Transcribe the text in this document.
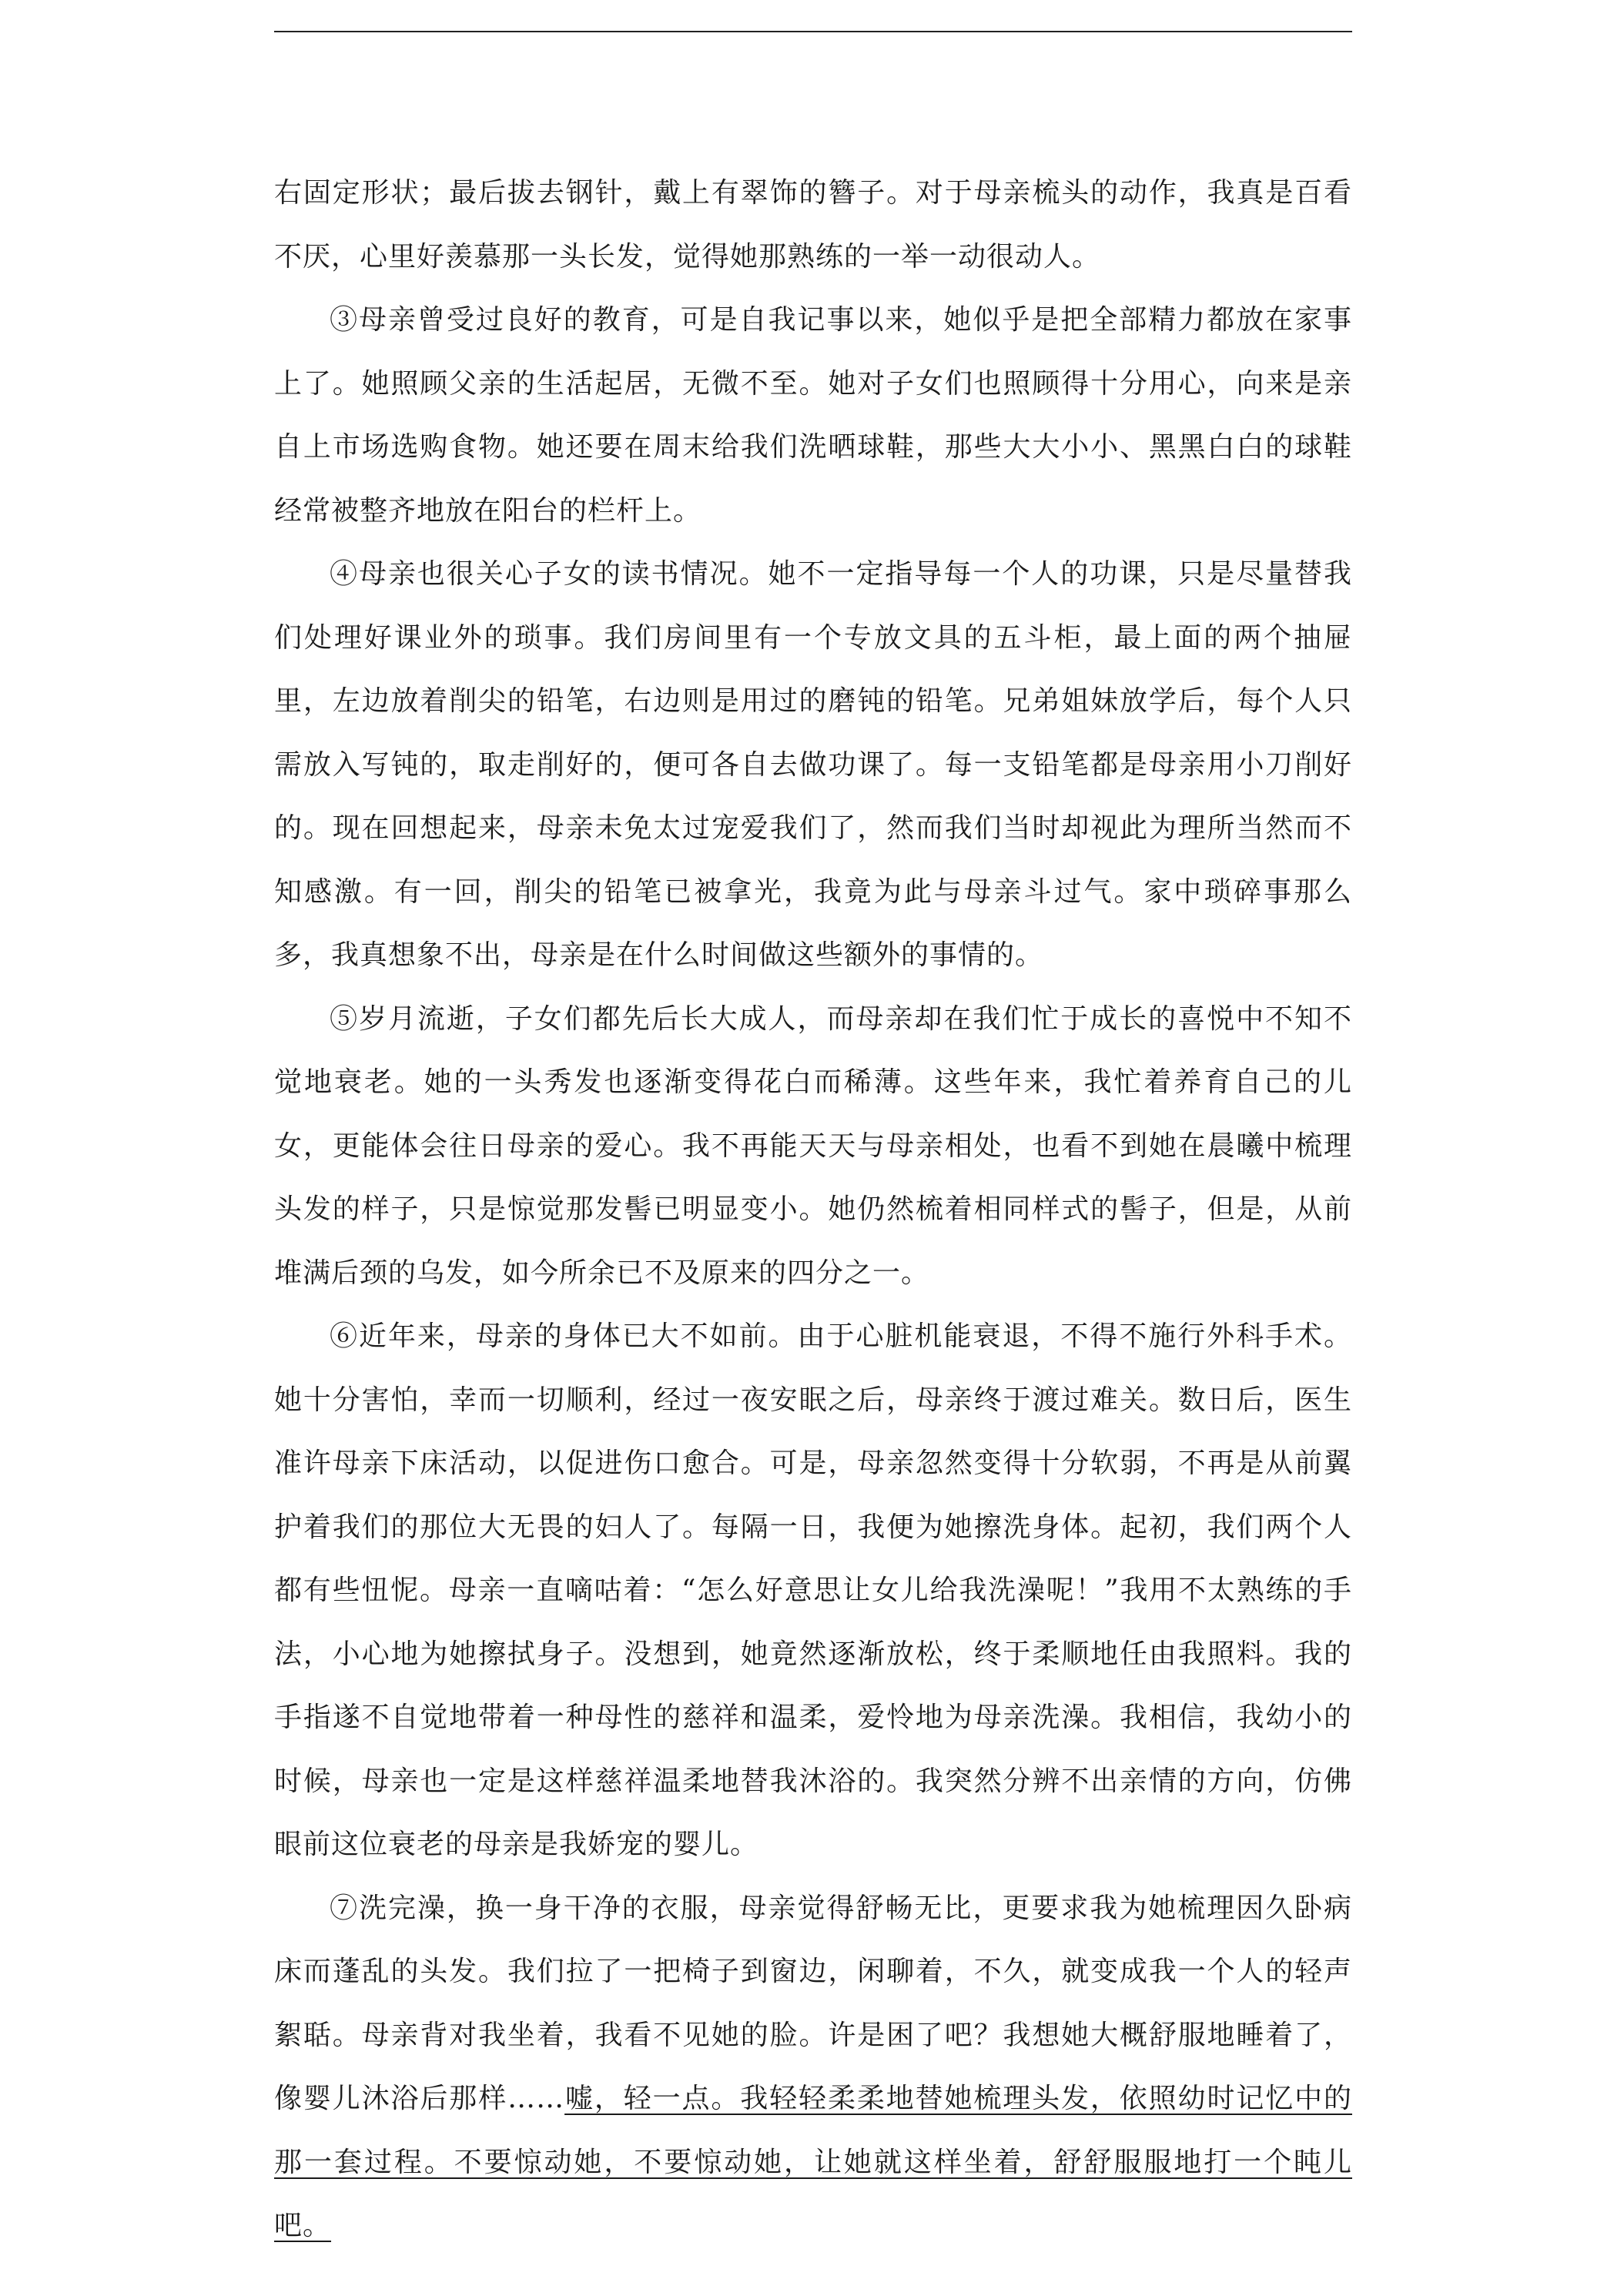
右固定形状；最后拔去钢针，戴上有翠饰的簪子。对于母亲梳头的动作，我真是百看不厌，心里好羡慕那一头长发，觉得她那熟练的一举一动很动人。

③母亲曾受过良好的教育，可是自我记事以来，她似乎是把全部精力都放在家事上了。她照顾父亲的生活起居，无微不至。她对子女们也照顾得十分用心，向来是亲自上市场选购食物。她还要在周末给我们洗晒球鞋，那些大大小小、黑黑白白的球鞋经常被整齐地放在阳台的栏杆上。

④母亲也很关心子女的读书情况。她不一定指导每一个人的功课，只是尽量替我们处理好课业外的琐事。我们房间里有一个专放文具的五斗柜，最上面的两个抽屉里，左边放着削尖的铅笔，右边则是用过的磨钝的铅笔。兄弟姐妹放学后，每个人只需放入写钝的，取走削好的，便可各自去做功课了。每一支铅笔都是母亲用小刀削好的。现在回想起来，母亲未免太过宠爱我们了，然而我们当时却视此为理所当然而不知感激。有一回，削尖的铅笔已被拿光，我竟为此与母亲斗过气。家中琐碎事那么多，我真想象不出，母亲是在什么时间做这些额外的事情的。

⑤岁月流逝，子女们都先后长大成人，而母亲却在我们忙于成长的喜悦中不知不觉地衰老。她的一头秀发也逐渐变得花白而稀薄。这些年来，我忙着养育自己的儿女，更能体会往日母亲的爱心。我不再能天天与母亲相处，也看不到她在晨曦中梳理头发的样子，只是惊觉那发髻已明显变小。她仍然梳着相同样式的髻子，但是，从前堆满后颈的乌发，如今所余已不及原来的四分之一。

⑥近年来，母亲的身体已大不如前。由于心脏机能衰退，不得不施行外科手术。她十分害怕，幸而一切顺利，经过一夜安眠之后，母亲终于渡过难关。数日后，医生准许母亲下床活动，以促进伤口愈合。可是，母亲忽然变得十分软弱，不再是从前翼护着我们的那位大无畏的妇人了。每隔一日，我便为她擦洗身体。起初，我们两个人都有些忸怩。母亲一直嘀咕着：“怎么好意思让女儿给我洗澡呢！”我用不太熟练的手法，小心地为她擦拭身子。没想到，她竟然逐渐放松，终于柔顺地任由我照料。我的手指遂不自觉地带着一种母性的慈祥和温柔，爱怜地为母亲洗澡。我相信，我幼小的时候，母亲也一定是这样慈祥温柔地替我沐浴的。我突然分辨不出亲情的方向，仿佛眼前这位衰老的母亲是我娇宠的婴儿。

⑦洗完澡，换一身干净的衣服，母亲觉得舒畅无比，更要求我为她梳理因久卧病床而蓬乱的头发。我们拉了一把椅子到窗边，闲聊着，不久，就变成我一个人的轻声絮聒。母亲背对我坐着，我看不见她的脸。许是困了吧？我想她大概舒服地睡着了，像婴儿沐浴后那样……嘘，轻一点。我轻轻柔柔地替她梳理头发，依照幼时记忆中的那一套过程。不要惊动她，不要惊动她，让她就这样坐着，舒舒服服地打一个盹儿吧。
